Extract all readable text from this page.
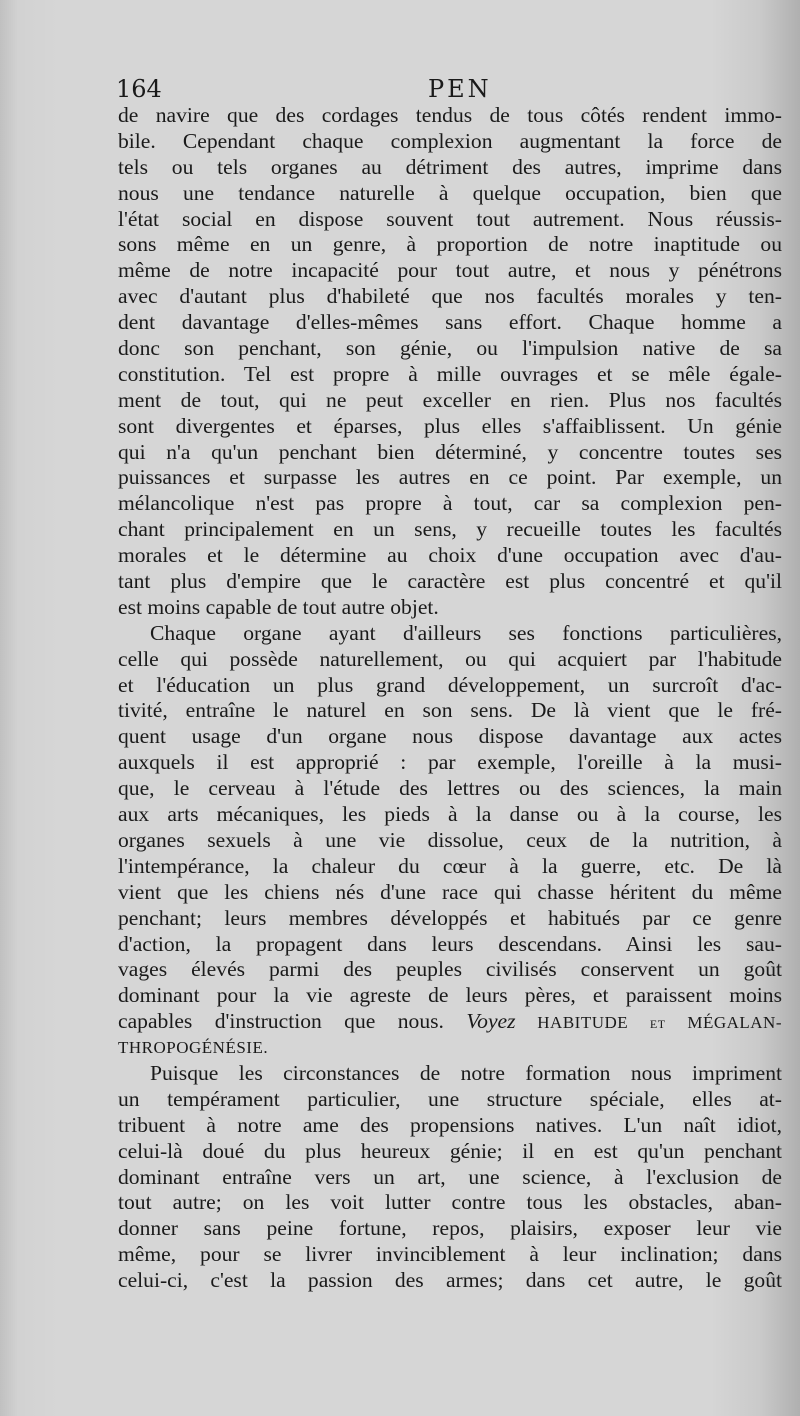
164	PEN
de navire que des cordages tendus de tous côtés rendent immo-
bile. Cependant chaque complexion augmentant la force de
tels ou tels organes au détriment des autres, imprime dans
nous une tendance naturelle à quelque occupation, bien que
l'état social en dispose souvent tout autrement. Nous réussis-
sons même en un genre, à proportion de notre inaptitude ou
même de notre incapacité pour tout autre, et nous y pénétrons
avec d'autant plus d'habileté que nos facultés morales y ten-
dent davantage d'elles-mêmes sans effort. Chaque homme a
donc son penchant, son génie, ou l'impulsion native de sa
constitution. Tel est propre à mille ouvrages et se mêle égale-
ment de tout, qui ne peut exceller en rien. Plus nos facultés
sont divergentes et éparses, plus elles s'affaiblissent. Un génie
qui n'a qu'un penchant bien déterminé, y concentre toutes ses
puissances et surpasse les autres en ce point. Par exemple, un
mélancolique n'est pas propre à tout, car sa complexion pen-
chant principalement en un sens, y recueille toutes les facultés
morales et le détermine au choix d'une occupation avec d'au-
tant plus d'empire que le caractère est plus concentré et qu'il
est moins capable de tout autre objet.
Chaque organe ayant d'ailleurs ses fonctions particulières,
celle qui possède naturellement, ou qui acquiert par l'habitude
et l'éducation un plus grand développement, un surcroît d'ac-
tivité, entraîne le naturel en son sens. De là vient que le fré-
quent usage d'un organe nous dispose davantage aux actes
auxquels il est approprié : par exemple, l'oreille à la musi-
que, le cerveau à l'étude des lettres ou des sciences, la main
aux arts mécaniques, les pieds à la danse ou à la course, les
organes sexuels à une vie dissolue, ceux de la nutrition, à
l'intempérance, la chaleur du cœur à la guerre, etc. De là
vient que les chiens nés d'une race qui chasse héritent du même
penchant; leurs membres développés et habitués par ce genre
d'action, la propagent dans leurs descendans. Ainsi les sau-
vages élevés parmi des peuples civilisés conservent un goût
dominant pour la vie agreste de leurs pères, et paraissent moins
capables d'instruction que nous. Voyez HABITUDE et MÉGALAN-
THROPOGÉNÉSIE.
Puisque les circonstances de notre formation nous impriment
un tempérament particulier, une structure spéciale, elles at-
tribuent à notre ame des propensions natives. L'un naît idiot,
celui-là doué du plus heureux génie; il en est qu'un penchant
dominant entraîne vers un art, une science, à l'exclusion de
tout autre; on les voit lutter contre tous les obstacles, aban-
donner sans peine fortune, repos, plaisirs, exposer leur vie
même, pour se livrer invinciblement à leur inclination; dans
celui-ci, c'est la passion des armes; dans cet autre, le goût
